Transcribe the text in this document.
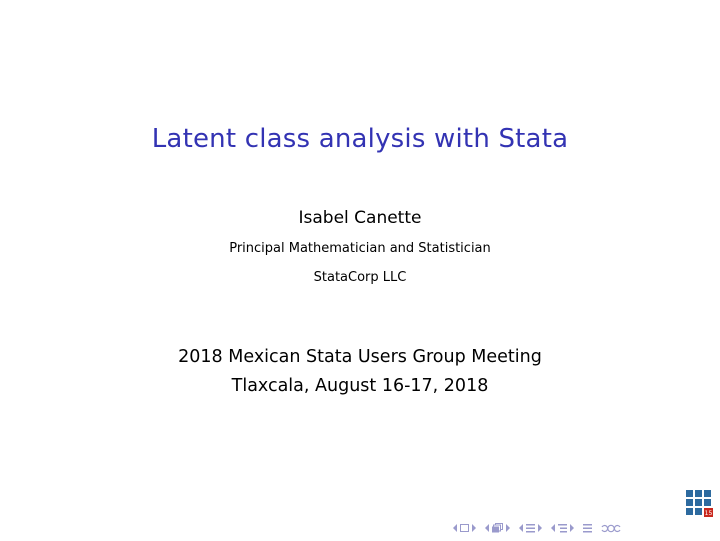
Latent class analysis with Stata
Isabel Canette
Principal Mathematician and Statistician
StataCorp LLC
2018 Mexican Stata Users Group Meeting
Tlaxcala, August 16-17, 2018
15
